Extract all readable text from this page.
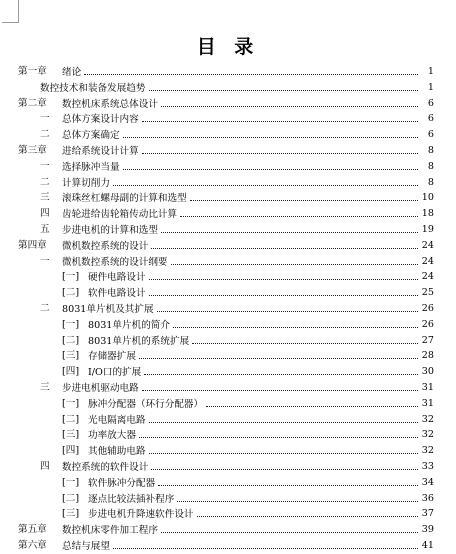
目 录
第一章 绪论	1
数控技术和装备发展趋势	1
第二章 数控机床系统总体设计	6
一 总体方案设计内容	6
二 总体方案确定	6
第三章 进给系统设计计算	8
一 选择脉冲当量	8
二 计算切削力	8
三 滚珠丝杠螺母副的计算和选型	10
四 齿轮进给齿轮箱传动比计算	18
五 步进电机的计算和选型	19
第四章 微机数控系统的设计	24
一 微机数控系统的设计纲要	24
[一] 硬件电路设计	24
[二] 软件电路设计	25
二 8031单片机及其扩展	26
[一] 8031单片机的简介	26
[二] 8031单片机的系统扩展	27
[三] 存储器扩展	28
[四] I/O口的扩展	30
三 步进电机驱动电路	31
[一] 脉冲分配器（环行分配器）	31
[二] 光电隔离电路	32
[三] 功率放大器	32
[四] 其他辅助电路	32
四 数控系统的软件设计	33
[一] 软件脉冲分配器	34
[二] 逐点比较法插补程序	36
[三] 步进电机升降速软件设计	37
第五章 数控机床零件加工程序	39
第六章 总结与展望	41
